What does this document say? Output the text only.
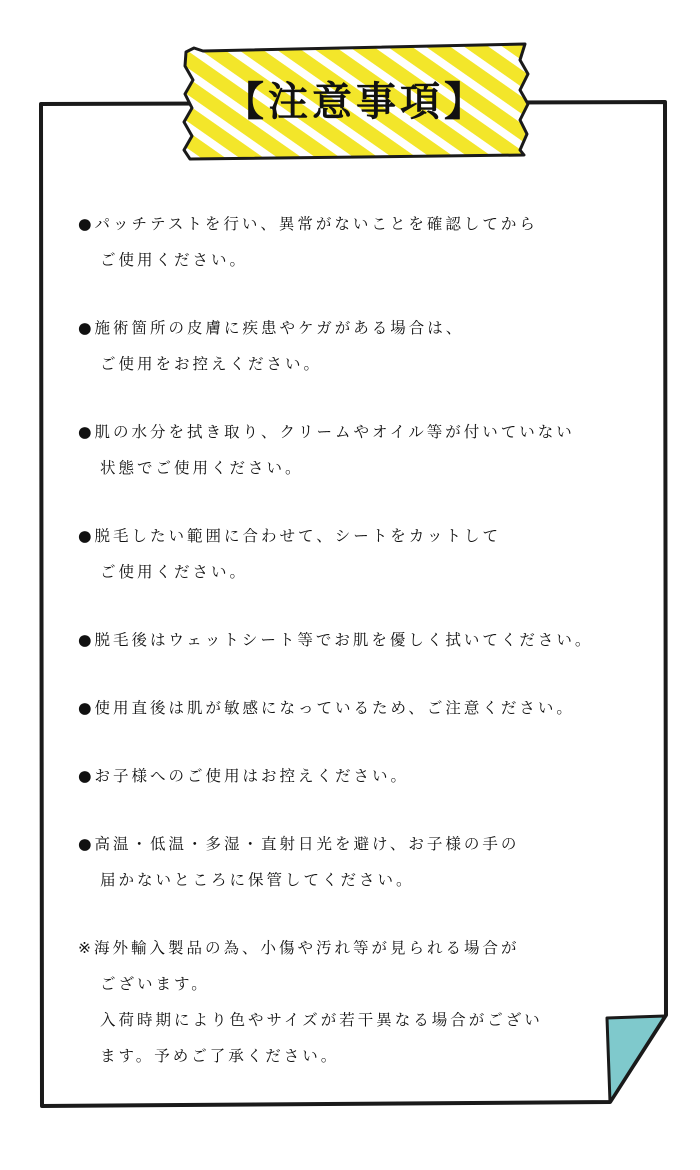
【注意事項】
●パッチテストを行い、異常がないことを確認してから
ご使用ください。
●施術箇所の皮膚に疾患やケガがある場合は、
ご使用をお控えください。
●肌の水分を拭き取り、クリームやオイル等が付いていない
状態でご使用ください。
●脱毛したい範囲に合わせて、シートをカットして
ご使用ください。
●脱毛後はウェットシート等でお肌を優しく拭いてください。
●使用直後は肌が敏感になっているため、ご注意ください。
●お子様へのご使用はお控えください。
●高温・低温・多湿・直射日光を避け、お子様の手の
届かないところに保管してください。
※海外輸入製品の為、小傷や汚れ等が見られる場合が
ございます。
入荷時期により色やサイズが若干異なる場合がござい
ます。予めご了承ください。
